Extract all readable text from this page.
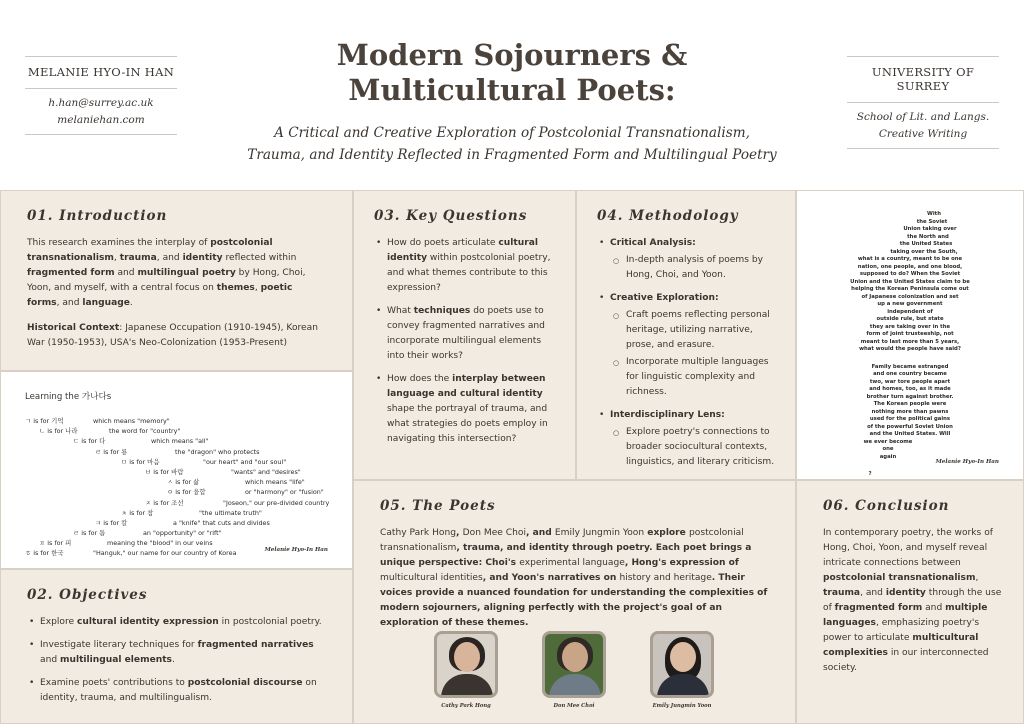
MELANIE HYO-IN HAN
h.han@surrey.ac.uk
melaniehan.com
Modern Sojourners &
Multicultural Poets:
A Critical and Creative Exploration of Postcolonial Transnationalism,
Trauma, and Identity Reflected in Fragmented Form and Multilingual Poetry
UNIVERSITY OF SURREY
School of Lit. and Langs.
Creative Writing
01. Introduction

This research examines the interplay of postcolonial transnationalism, trauma, and identity reflected within fragmented form and multilingual poetry by Hong, Choi, Yoon, and myself, with a central focus on themes, poetic forms, and language.

Historical Context: Japanese Occupation (1910-1945), Korean War (1950-1953), USA's Neo-Colonization (1953-Present)

Learning the 가나다s
ㄱ is for 기억	which means "memory"
ㄴ is for 나라	the word for "country"
ㄷ is for 다	which means "all"
ㄹ is for 룡	the "dragon" who protects
ㅁ is for 마음	"our heart" and "our soul"
ㅂ is for 바람	"wants" and "desires"
ㅅ is for 삶	which means "life"
ㅇ is for 융합	or "harmony" or "fusion"
ㅈ is for 조선	"Joseon," our pre-divided country
ㅊ is for 참	"the ultimate truth"
ㅋ is for 칼	a "knife" that cuts and divides
ㄹ is for 틈	an "opportunity" or "rift"
ㅍ is for 피	meaning the "blood" in our veins
ㅎ is for 한국	"Hanguk," our name for our country of Korea	Melanie Hyo-In Han
02. Objectives
• Explore cultural identity expression in postcolonial poetry.
• Investigate literary techniques for fragmented narratives and multilingual elements.
• Examine poets' contributions to postcolonial discourse on identity, trauma, and multilingualism.
03. Key Questions
• How do poets articulate cultural identity within postcolonial poetry, and what themes contribute to this expression?
• What techniques do poets use to convey fragmented narratives and incorporate multilingual elements into their works?
• How does the interplay between language and cultural identity shape the portrayal of trauma, and what strategies do poets employ in navigating this intersection?
04. Methodology
• Critical Analysis:
○ In-depth analysis of poems by Hong, Choi, and Yoon.
• Creative Exploration:
○ Craft poems reflecting personal heritage, utilizing narrative, prose, and erasure.
○ Incorporate multiple languages for linguistic complexity and richness.
• Interdisciplinary Lens:
○ Explore poetry's connections to broader sociocultural contexts, linguistics, and literary criticism.
With
the Soviet
Union taking over
the North and
the United States
taking over the South,
what is a country, meant to be one
nation, one people, and one blood,
supposed to do? When the Soviet
Union and the United States claim to be
helping the Korean Peninsula come out
of Japanese colonization and set
up a new government
independent of
outside rule, but state
they are taking over in the
form of joint trusteeship, not
meant to last more than 5 years,
what would the people have said?
Family became estranged
and one country became
two, war tore people apart
and homes, too, as it made
brother turn against brother.
The Korean people were
nothing more than pawns
used for the political gains
of the powerful Soviet Union
and the United States. Will
we ever become
one
again
?
Melanie Hyo-In Han
05. The Poets

Cathy Park Hong, Don Mee Choi, and Emily Jungmin Yoon explore postcolonial transnationalism, trauma, and identity through poetry. Each poet brings a unique perspective: Choi's experimental language, Hong's expression of multicultural identities, and Yoon's narratives on history and heritage. Their voices provide a nuanced foundation for understanding the complexities of modern sojourners, aligning perfectly with the project's goal of an exploration of these themes.

Cathy Park Hong	Don Mee Choi	Emily Jungmin Yoon
06. Conclusion

In contemporary poetry, the works of Hong, Choi, Yoon, and myself reveal intricate connections between postcolonial transnationalism, trauma, and identity through the use of fragmented form and multiple languages, emphasizing poetry's power to articulate multicultural complexities in our interconnected society.
